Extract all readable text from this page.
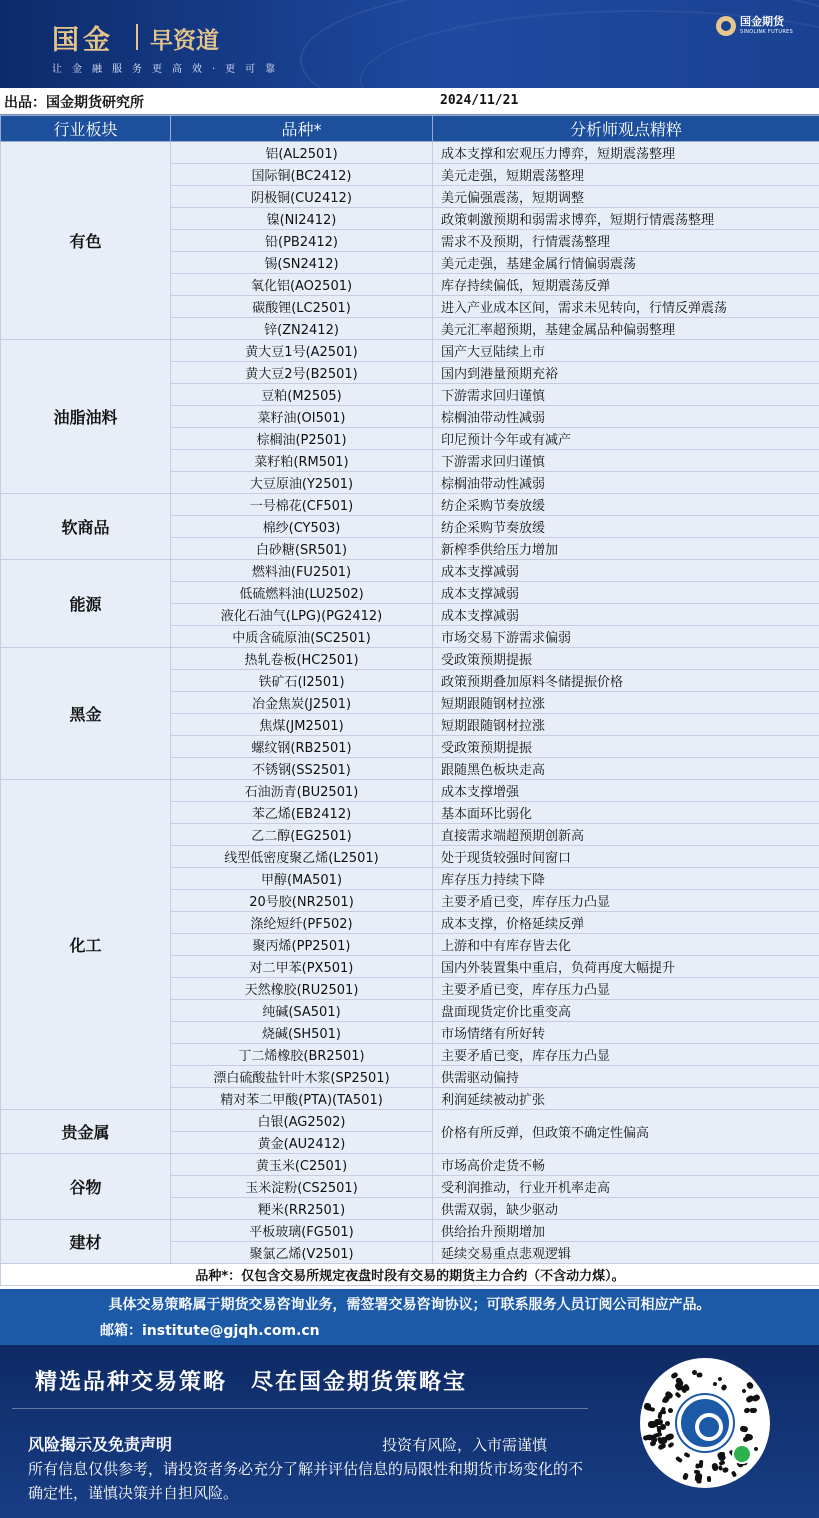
国金 早资道
让金融服务更高效·更可靠
国金期货
SINOLINK FUTURES
出品：国金期货研究所	2024/11/21
行业板块	品种*	分析师观点精粹
有色	铝(AL2501)	成本支撑和宏观压力博弈，短期震荡整理
	国际铜(BC2412)	美元走强，短期震荡整理
	阴极铜(CU2412)	美元偏强震荡，短期调整
	镍(NI2412)	政策刺激预期和弱需求博弈，短期行情震荡整理
	铅(PB2412)	需求不及预期，行情震荡整理
	锡(SN2412)	美元走强，基建金属行情偏弱震荡
	氧化铝(AO2501)	库存持续偏低，短期震荡反弹
	碳酸锂(LC2501)	进入产业成本区间，需求未见转向，行情反弹震荡
	锌(ZN2412)	美元汇率超预期，基建金属品种偏弱整理
油脂油料	黄大豆1号(A2501)	国产大豆陆续上市
	黄大豆2号(B2501)	国内到港量预期充裕
	豆粕(M2505)	下游需求回归谨慎
	菜籽油(OI501)	棕榈油带动性减弱
	棕榈油(P2501)	印尼预计今年或有减产
	菜籽粕(RM501)	下游需求回归谨慎
	大豆原油(Y2501)	棕榈油带动性减弱
软商品	一号棉花(CF501)	纺企采购节奏放缓
	棉纱(CY503)	纺企采购节奏放缓
	白砂糖(SR501)	新榨季供给压力增加
能源	燃料油(FU2501)	成本支撑减弱
	低硫燃料油(LU2502)	成本支撑减弱
	液化石油气(LPG)(PG2412)	成本支撑减弱
	中质含硫原油(SC2501)	市场交易下游需求偏弱
黑金	热轧卷板(HC2501)	受政策预期提振
	铁矿石(I2501)	政策预期叠加原料冬储提振价格
	冶金焦炭(J2501)	短期跟随钢材拉涨
	焦煤(JM2501)	短期跟随钢材拉涨
	螺纹钢(RB2501)	受政策预期提振
	不锈钢(SS2501)	跟随黑色板块走高
化工	石油沥青(BU2501)	成本支撑增强
	苯乙烯(EB2412)	基本面环比弱化
	乙二醇(EG2501)	直接需求端超预期创新高
	线型低密度聚乙烯(L2501)	处于现货较强时间窗口
	甲醇(MA501)	库存压力持续下降
	20号胶(NR2501)	主要矛盾已变，库存压力凸显
	涤纶短纤(PF502)	成本支撑，价格延续反弹
	聚丙烯(PP2501)	上游和中有库存皆去化
	对二甲苯(PX501)	国内外装置集中重启，负荷再度大幅提升
	天然橡胶(RU2501)	主要矛盾已变，库存压力凸显
	纯碱(SA501)	盘面现货定价比重变高
	烧碱(SH501)	市场情绪有所好转
	丁二烯橡胶(BR2501)	主要矛盾已变，库存压力凸显
	漂白硫酸盐针叶木浆(SP2501)	供需驱动偏持
	精对苯二甲酸(PTA)(TA501)	利润延续被动扩张
贵金属	白银(AG2502)	价格有所反弹，但政策不确定性偏高
	黄金(AU2412)	
谷物	黄玉米(C2501)	市场高价走货不畅
	玉米淀粉(CS2501)	受利润推动，行业开机率走高
	粳米(RR2501)	供需双弱，缺少驱动
建材	平板玻璃(FG501)	供给抬升预期增加
	聚氯乙烯(V2501)	延续交易重点悲观逻辑
品种*：仅包含交易所规定夜盘时段有交易的期货主力合约（不含动力煤）。		
具体交易策略属于期货交易咨询业务，需签署交易咨询协议；可联系服务人员订阅公司相应产品。
邮箱：institute@gjqh.com.cn
精选品种交易策略　尽在国金期货策略宝
风险揭示及免责声明	投资有风险，入市需谨慎
所有信息仅供参考，请投资者务必充分了解并评估信息的局限性和期货市场变化的不确定性，谨慎决策并自担风险。
